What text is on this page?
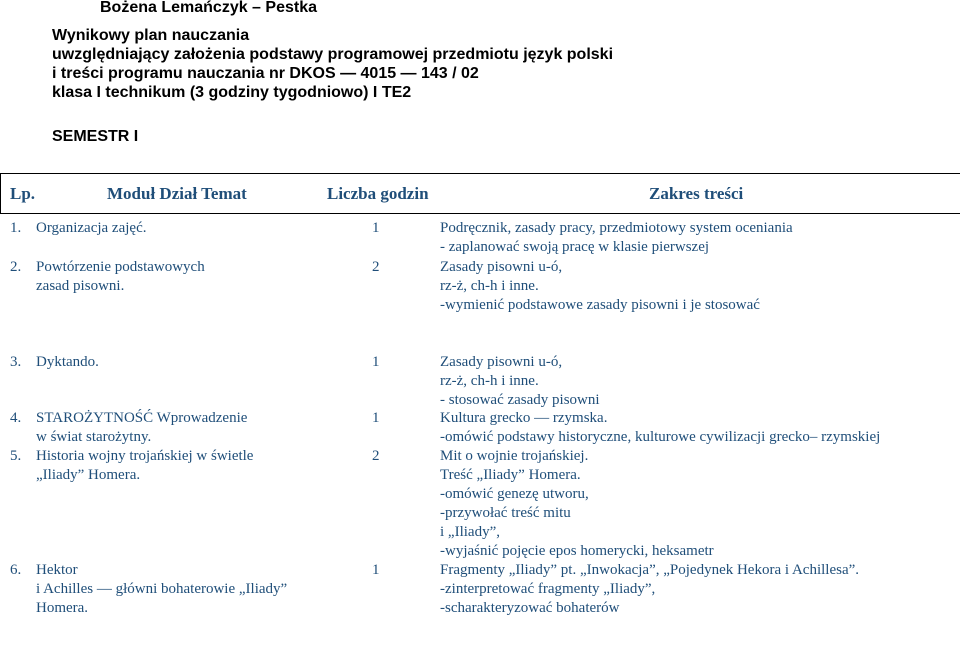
Bożena Lemańczyk – Pestka
Wynikowy plan nauczania
uwzględniający założenia podstawy programowej przedmiotu język polski
i treści programu nauczania nr DKOS — 4015 — 143 / 02
klasa I technikum (3 godziny tygodniowo) I TE2
SEMESTR I
Lp.	Moduł Dział Temat	Liczba godzin	Zakres treści
1. Organizacja zajęć.	1	Podręcznik, zasady pracy, przedmiotowy system oceniania
- zaplanować swoją pracę w klasie pierwszej
2. Powtórzenie podstawowych
zasad pisowni.
2	Zasady pisowni u-ó,
rz-ż, ch-h i inne.
-wymienić podstawowe zasady pisowni i je stosować
3. Dyktando.	1	Zasady pisowni u-ó,
rz-ż, ch-h i inne.
- stosować zasady pisowni
4. STAROŻYTNOŚĆ Wprowadzenie
w świat starożytny.
1	Kultura grecko — rzymska.
-omówić podstawy historyczne, kulturowe cywilizacji grecko– rzymskiej
5. Historia wojny trojańskiej w świetle
„Iliady” Homera.
2	Mit o wojnie trojańskiej.
Treść „Iliady” Homera.
-omówić genezę utworu,
-przywołać treść mitu
i „Iliady”,
-wyjaśnić pojęcie epos homerycki, heksametr
6. Hektor
i Achilles — główni bohaterowie „Iliady”
Homera.
1	Fragmenty „Iliady” pt. „Inwokacja”, „Pojedynek Hekora i Achillesa”.
-zinterpretować fragmenty „Iliady”,
-scharakteryzować bohaterów
